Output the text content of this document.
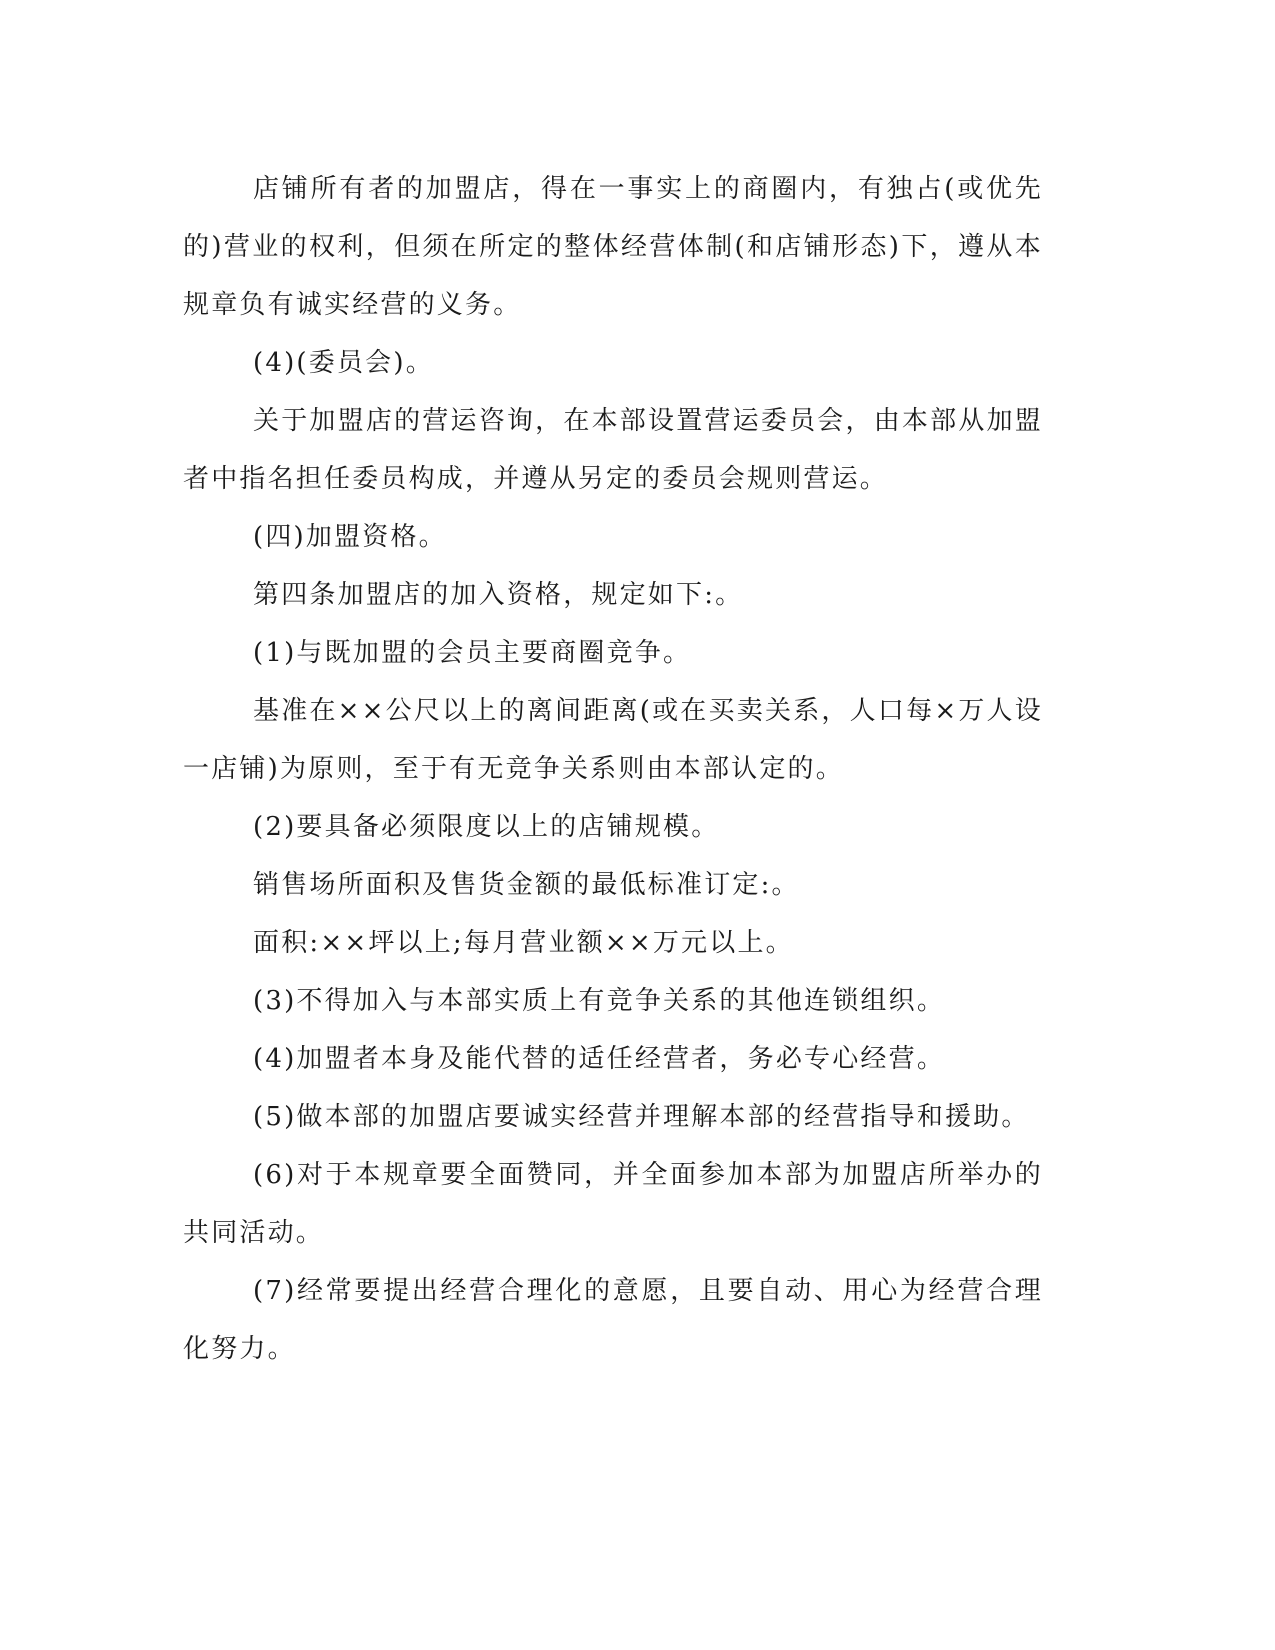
店铺所有者的加盟店，得在一事实上的商圈内，有独占(或优先的)营业的权利，但须在所定的整体经营体制(和店铺形态)下，遵从本规章负有诚实经营的义务。

(4)(委员会)。

关于加盟店的营运咨询，在本部设置营运委员会，由本部从加盟者中指名担任委员构成，并遵从另定的委员会规则营运。

(四)加盟资格。

第四条加盟店的加入资格，规定如下:。

(1)与既加盟的会员主要商圈竞争。

基准在××公尺以上的离间距离(或在买卖关系，人口每×万人设一店铺)为原则，至于有无竞争关系则由本部认定的。

(2)要具备必须限度以上的店铺规模。

销售场所面积及售货金额的最低标准订定:。

面积:××坪以上;每月营业额××万元以上。

(3)不得加入与本部实质上有竞争关系的其他连锁组织。

(4)加盟者本身及能代替的适任经营者，务必专心经营。

(5)做本部的加盟店要诚实经营并理解本部的经营指导和援助。

(6)对于本规章要全面赞同，并全面参加本部为加盟店所举办的共同活动。

(7)经常要提出经营合理化的意愿，且要自动、用心为经营合理化努力。
